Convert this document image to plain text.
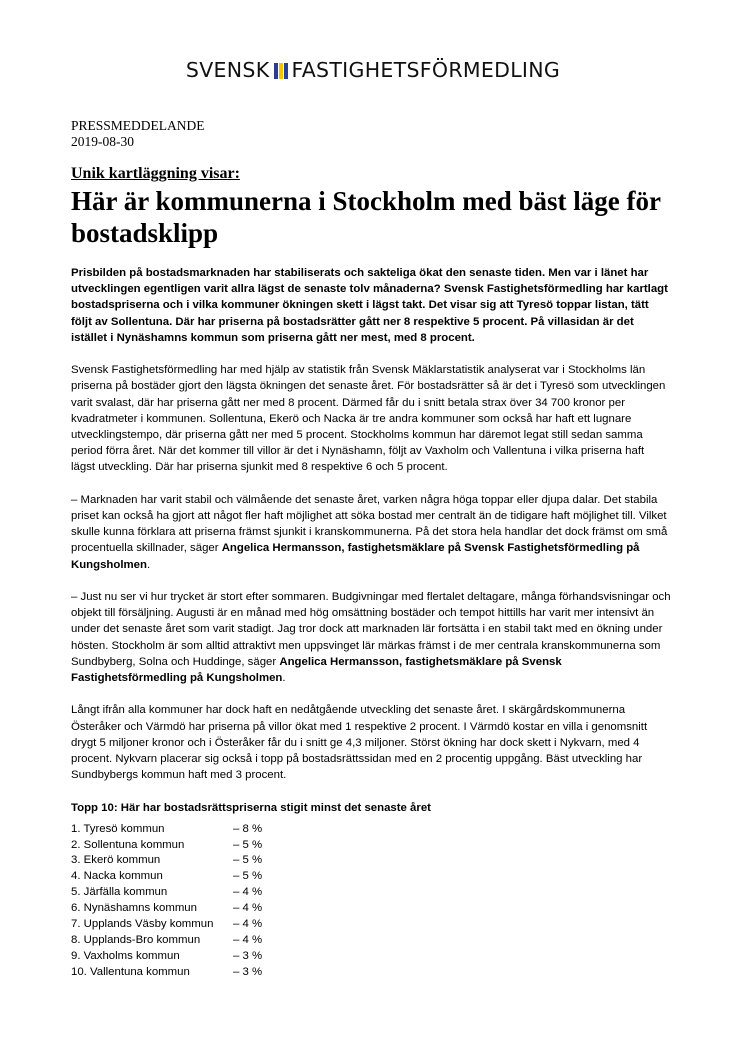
SVENSK FASTIGHETSFÖRMEDLING
PRESSMEDDELANDE
2019-08-30
Unik kartläggning visar:
Här är kommunerna i Stockholm med bäst läge för bostadsklipp

Prisbilden på bostadsmarknaden har stabiliserats och sakteliga ökat den senaste tiden. Men var i länet har utvecklingen egentligen varit allra lägst de senaste tolv månaderna? Svensk Fastighetsförmedling har kartlagt bostadspriserna och i vilka kommuner ökningen skett i lägst takt. Det visar sig att Tyresö toppar listan, tätt följt av Sollentuna. Där har priserna på bostadsrätter gått ner 8 respektive 5 procent. På villasidan är det istället i Nynäshamns kommun som priserna gått ner mest, med 8 procent.

Svensk Fastighetsförmedling har med hjälp av statistik från Svensk Mäklarstatistik analyserat var i Stockholms län priserna på bostäder gjort den lägsta ökningen det senaste året. För bostadsrätter så är det i Tyresö som utvecklingen varit svalast, där har priserna gått ner med 8 procent. Därmed får du i snitt betala strax över 34 700 kronor per kvadratmeter i kommunen. Sollentuna, Ekerö och Nacka är tre andra kommuner som också har haft ett lugnare utvecklingstempo, där priserna gått ner med 5 procent. Stockholms kommun har däremot legat still sedan samma period förra året. När det kommer till villor är det i Nynäshamn, följt av Vaxholm och Vallentuna i vilka priserna haft lägst utveckling. Där har priserna sjunkit med 8 respektive 6 och 5 procent.

– Marknaden har varit stabil och välmående det senaste året, varken några höga toppar eller djupa dalar. Det stabila priset kan också ha gjort att något fler haft möjlighet att söka bostad mer centralt än de tidigare haft möjlighet till. Vilket skulle kunna förklara att priserna främst sjunkit i kranskommunerna. På det stora hela handlar det dock främst om små procentuella skillnader, säger Angelica Hermansson, fastighetsmäklare på Svensk Fastighetsförmedling på Kungsholmen.

– Just nu ser vi hur trycket är stort efter sommaren. Budgivningar med flertalet deltagare, många förhandsvisningar och objekt till försäljning. Augusti är en månad med hög omsättning bostäder och tempot hittills har varit mer intensivt än under det senaste året som varit stadigt. Jag tror dock att marknaden lär fortsätta i en stabil takt med en ökning under hösten. Stockholm är som alltid attraktivt men uppsvinget lär märkas främst i de mer centrala kranskommunerna som Sundbyberg, Solna och Huddinge, säger Angelica Hermansson, fastighetsmäklare på Svensk Fastighetsförmedling på Kungsholmen.

Långt ifrån alla kommuner har dock haft en nedåtgående utveckling det senaste året. I skärgårdskommunerna Österåker och Värmdö har priserna på villor ökat med 1 respektive 2 procent. I Värmdö kostar en villa i genomsnitt drygt 5 miljoner kronor och i Österåker får du i snitt ge 4,3 miljoner. Störst ökning har dock skett i Nykvarn, med 4 procent. Nykvarn placerar sig också i topp på bostadsrättssidan med en 2 procentig uppgång. Bäst utveckling har Sundbybergs kommun haft med 3 procent.

Topp 10: Här har bostadsrättspriserna stigit minst det senaste året
1. Tyresö kommun	– 8 %
2. Sollentuna kommun	– 5 %
3. Ekerö kommun	– 5 %
4. Nacka kommun	– 5 %
5. Järfälla kommun	– 4 %
6. Nynäshamns kommun	– 4 %
7. Upplands Väsby kommun	– 4 %
8. Upplands-Bro kommun	– 4 %
9. Vaxholms kommun	– 3 %
10. Vallentuna kommun	– 3 %
